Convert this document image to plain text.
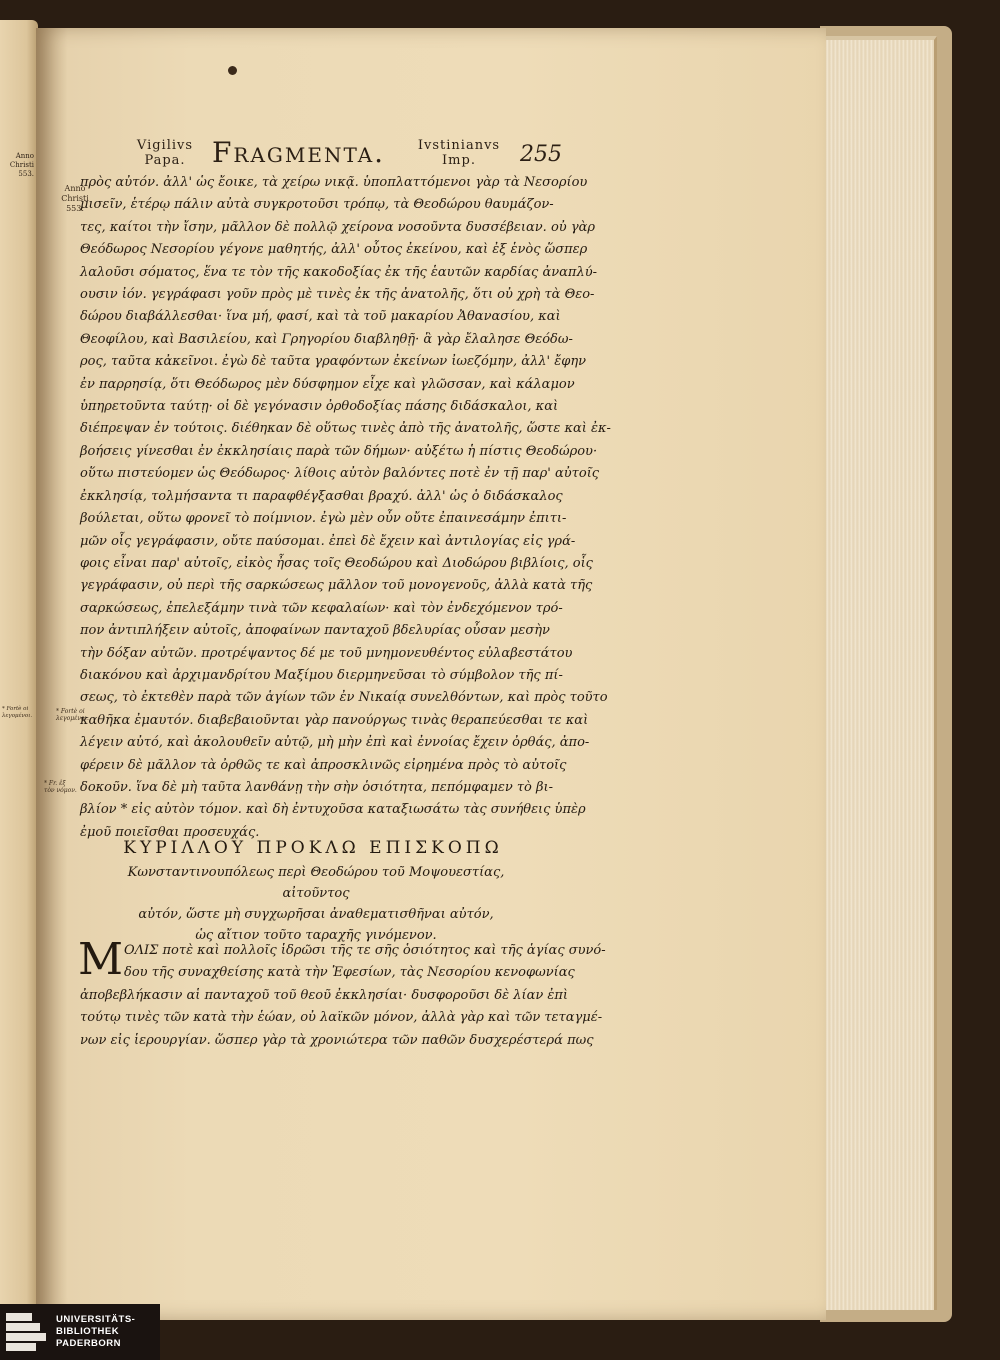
Anno
Christi
553.
* Fortè oi λεγομένοι.
Vigilivs
Papa. Fragmenta.	Ivstinianvs
Imp.	255
Anno
Christi
553.
* Fortè oi λεγομένοι.
* Fr. ἐξ τὸν νόμον.
πρὸς αὐτόν. ἀλλ' ὡς ἔοικε, τὰ χείρω νικᾷ. ὑποπλαττόμενοι γὰρ τὰ Νεσορίου
μισεῖν, ἑτέρῳ πάλιν αὐτὰ συγκροτοῦσι τρόπῳ, τὰ Θεοδώρου θαυμάζον-
τες, καίτοι τὴν ἴσην, μᾶλλον δὲ πολλῷ χείρονα νοσοῦντα δυσσέβειαν. οὐ γὰρ
Θεόδωρος Νεσορίου γέγονε μαθητής, ἀλλ' οὗτος ἐκείνου, καὶ ἐξ ἑνὸς ὥσπερ
λαλοῦσι σόματος, ἕνα τε τὸν τῆς κακοδοξίας ἐκ τῆς ἑαυτῶν καρδίας ἀναπλύ-
ουσιν ἰόν. γεγράφασι γοῦν πρὸς μὲ τινὲς ἐκ τῆς ἀνατολῆς, ὅτι οὐ χρὴ τὰ Θεο-
δώρου διαβάλλεσθαι· ἵνα μή, φασί, καὶ τὰ τοῦ μακαρίου Ἀθανασίου, καὶ
Θεοφίλου, καὶ Βασιλείου, καὶ Γρηγορίου διαβληθῇ· ἃ γὰρ ἔλαλησε Θεόδω-
ρος, ταῦτα κἀκεῖνοι. ἐγὼ δὲ ταῦτα γραφόντων ἐκείνων ἰωεζόμην, ἀλλ' ἔφην
ἐν παρρησίᾳ, ὅτι Θεόδωρος μὲν δύσφημον εἶχε καὶ γλῶσσαν, καὶ κάλαμον
ὑπηρετοῦντα ταύτῃ· οἱ δὲ γεγόνασιν ὀρθοδοξίας πάσης διδάσκαλοι, καὶ
διέπρεψαν ἐν τούτοις. διέθηκαν δὲ οὕτως τινὲς ἀπὸ τῆς ἀνατολῆς, ὥστε καὶ ἐκ-
βοήσεις γίνεσθαι ἐν ἐκκλησίαις παρὰ τῶν δήμων· αὐξέτω ἡ πίστις Θεοδώρου·
οὕτω πιστεύομεν ὡς Θεόδωρος· λίθοις αὐτὸν βαλόντες ποτὲ ἐν τῇ παρ' αὐτοῖς
ἐκκλησίᾳ, τολμήσαντα τι παραφθέγξασθαι βραχύ. ἀλλ' ὡς ὁ διδάσκαλος
βούλεται, οὕτω φρονεῖ τὸ ποίμνιον. ἐγὼ μὲν οὖν οὔτε ἐπαινεσάμην ἐπιτι-
μῶν οἷς γεγράφασιν, οὔτε παύσομαι. ἐπεὶ δὲ ἔχειν καὶ ἀντιλογίας εἰς γρά-
φοις εἶναι παρ' αὐτοῖς, εἰκὸς ἦσας τοῖς Θεοδώρου καὶ Διοδώρου βιβλίοις, οἷς
γεγράφασιν, οὐ περὶ τῆς σαρκώσεως μᾶλλον τοῦ μονογενοῦς, ἀλλὰ κατὰ τῆς
σαρκώσεως, ἐπελεξάμην τινὰ τῶν κεφαλαίων· καὶ τὸν ἐνδεχόμενον τρό-
πον ἀντιπλήξειν αὐτοῖς, ἀποφαίνων πανταχοῦ βδελυρίας οὖσαν μεσὴν
τὴν δόξαν αὐτῶν. προτρέψαντος δέ με τοῦ μνημονευθέντος εὐλαβεστάτου
διακόνου καὶ ἀρχιμανδρίτου Μαξίμου διερμηνεῦσαι τὸ σύμβολον τῆς πί-
σεως, τὸ ἐκτεθὲν παρὰ τῶν ἁγίων τῶν ἐν Νικαίᾳ συνελθόντων, καὶ πρὸς τοῦτο
καθῆκα ἐμαυτόν. διαβεβαιοῦνται γὰρ πανούργως τινὰς θεραπεύεσθαι τε καὶ
λέγειν αὐτό, καὶ ἀκολουθεῖν αὐτῷ, μὴ μὴν ἐπὶ καὶ ἐννοίας ἔχειν ὀρθάς, ἀπο-
φέρειν δὲ μᾶλλον τὰ ὀρθῶς τε καὶ ἀπροσκλινῶς εἰρημένα πρὸς τὸ αὐτοῖς
δοκοῦν. ἵνα δὲ μὴ ταῦτα λανθάνῃ τὴν σὴν ὁσιότητα, πεπόμφαμεν τὸ βι-
βλίον * εἰς αὐτὸν τόμον. καὶ δὴ ἐντυχοῦσα καταξιωσάτω τὰς συνήθεις ὑπὲρ
ἐμοῦ ποιεῖσθαι προσευχάς.
ΚΥΡΙΛΛΟΥ ΠΡΟΚΛΩ ΕΠΙΣΚΟΠΩ
Κωνσταντινουπόλεως περὶ Θεοδώρου τοῦ Μοψουεστίας, αἰτοῦντος
αὐτόν, ὥστε μὴ συγχωρῆσαι ἀναθεματισθῆναι αὐτόν,
ὡς αἴτιον τοῦτο ταραχῆς γινόμενον.
Μ ΟΛΙΣ ποτὲ καὶ πολλοῖς ἱδρῶσι τῆς τε σῆς ὁσιότητος καὶ τῆς ἁγίας συνό-
δου τῆς συναχθείσης κατὰ τὴν Ἐφεσίων, τὰς Νεσορίου κενοφωνίας
ἀποβεβλήκασιν αἱ πανταχοῦ τοῦ θεοῦ ἐκκλησίαι· δυσφοροῦσι δὲ λίαν ἐπὶ
τούτῳ τινὲς τῶν κατὰ τὴν ἑώαν, οὐ λαϊκῶν μόνον, ἀλλὰ γὰρ καὶ τῶν τεταγμέ-
νων εἰς ἱερουργίαν. ὥσπερ γὰρ τὰ χρονιώτερα τῶν παθῶν δυσχερέστερά πως
UNIVERSITÄTS-
BIBLIOTHEK
PADERBORN
